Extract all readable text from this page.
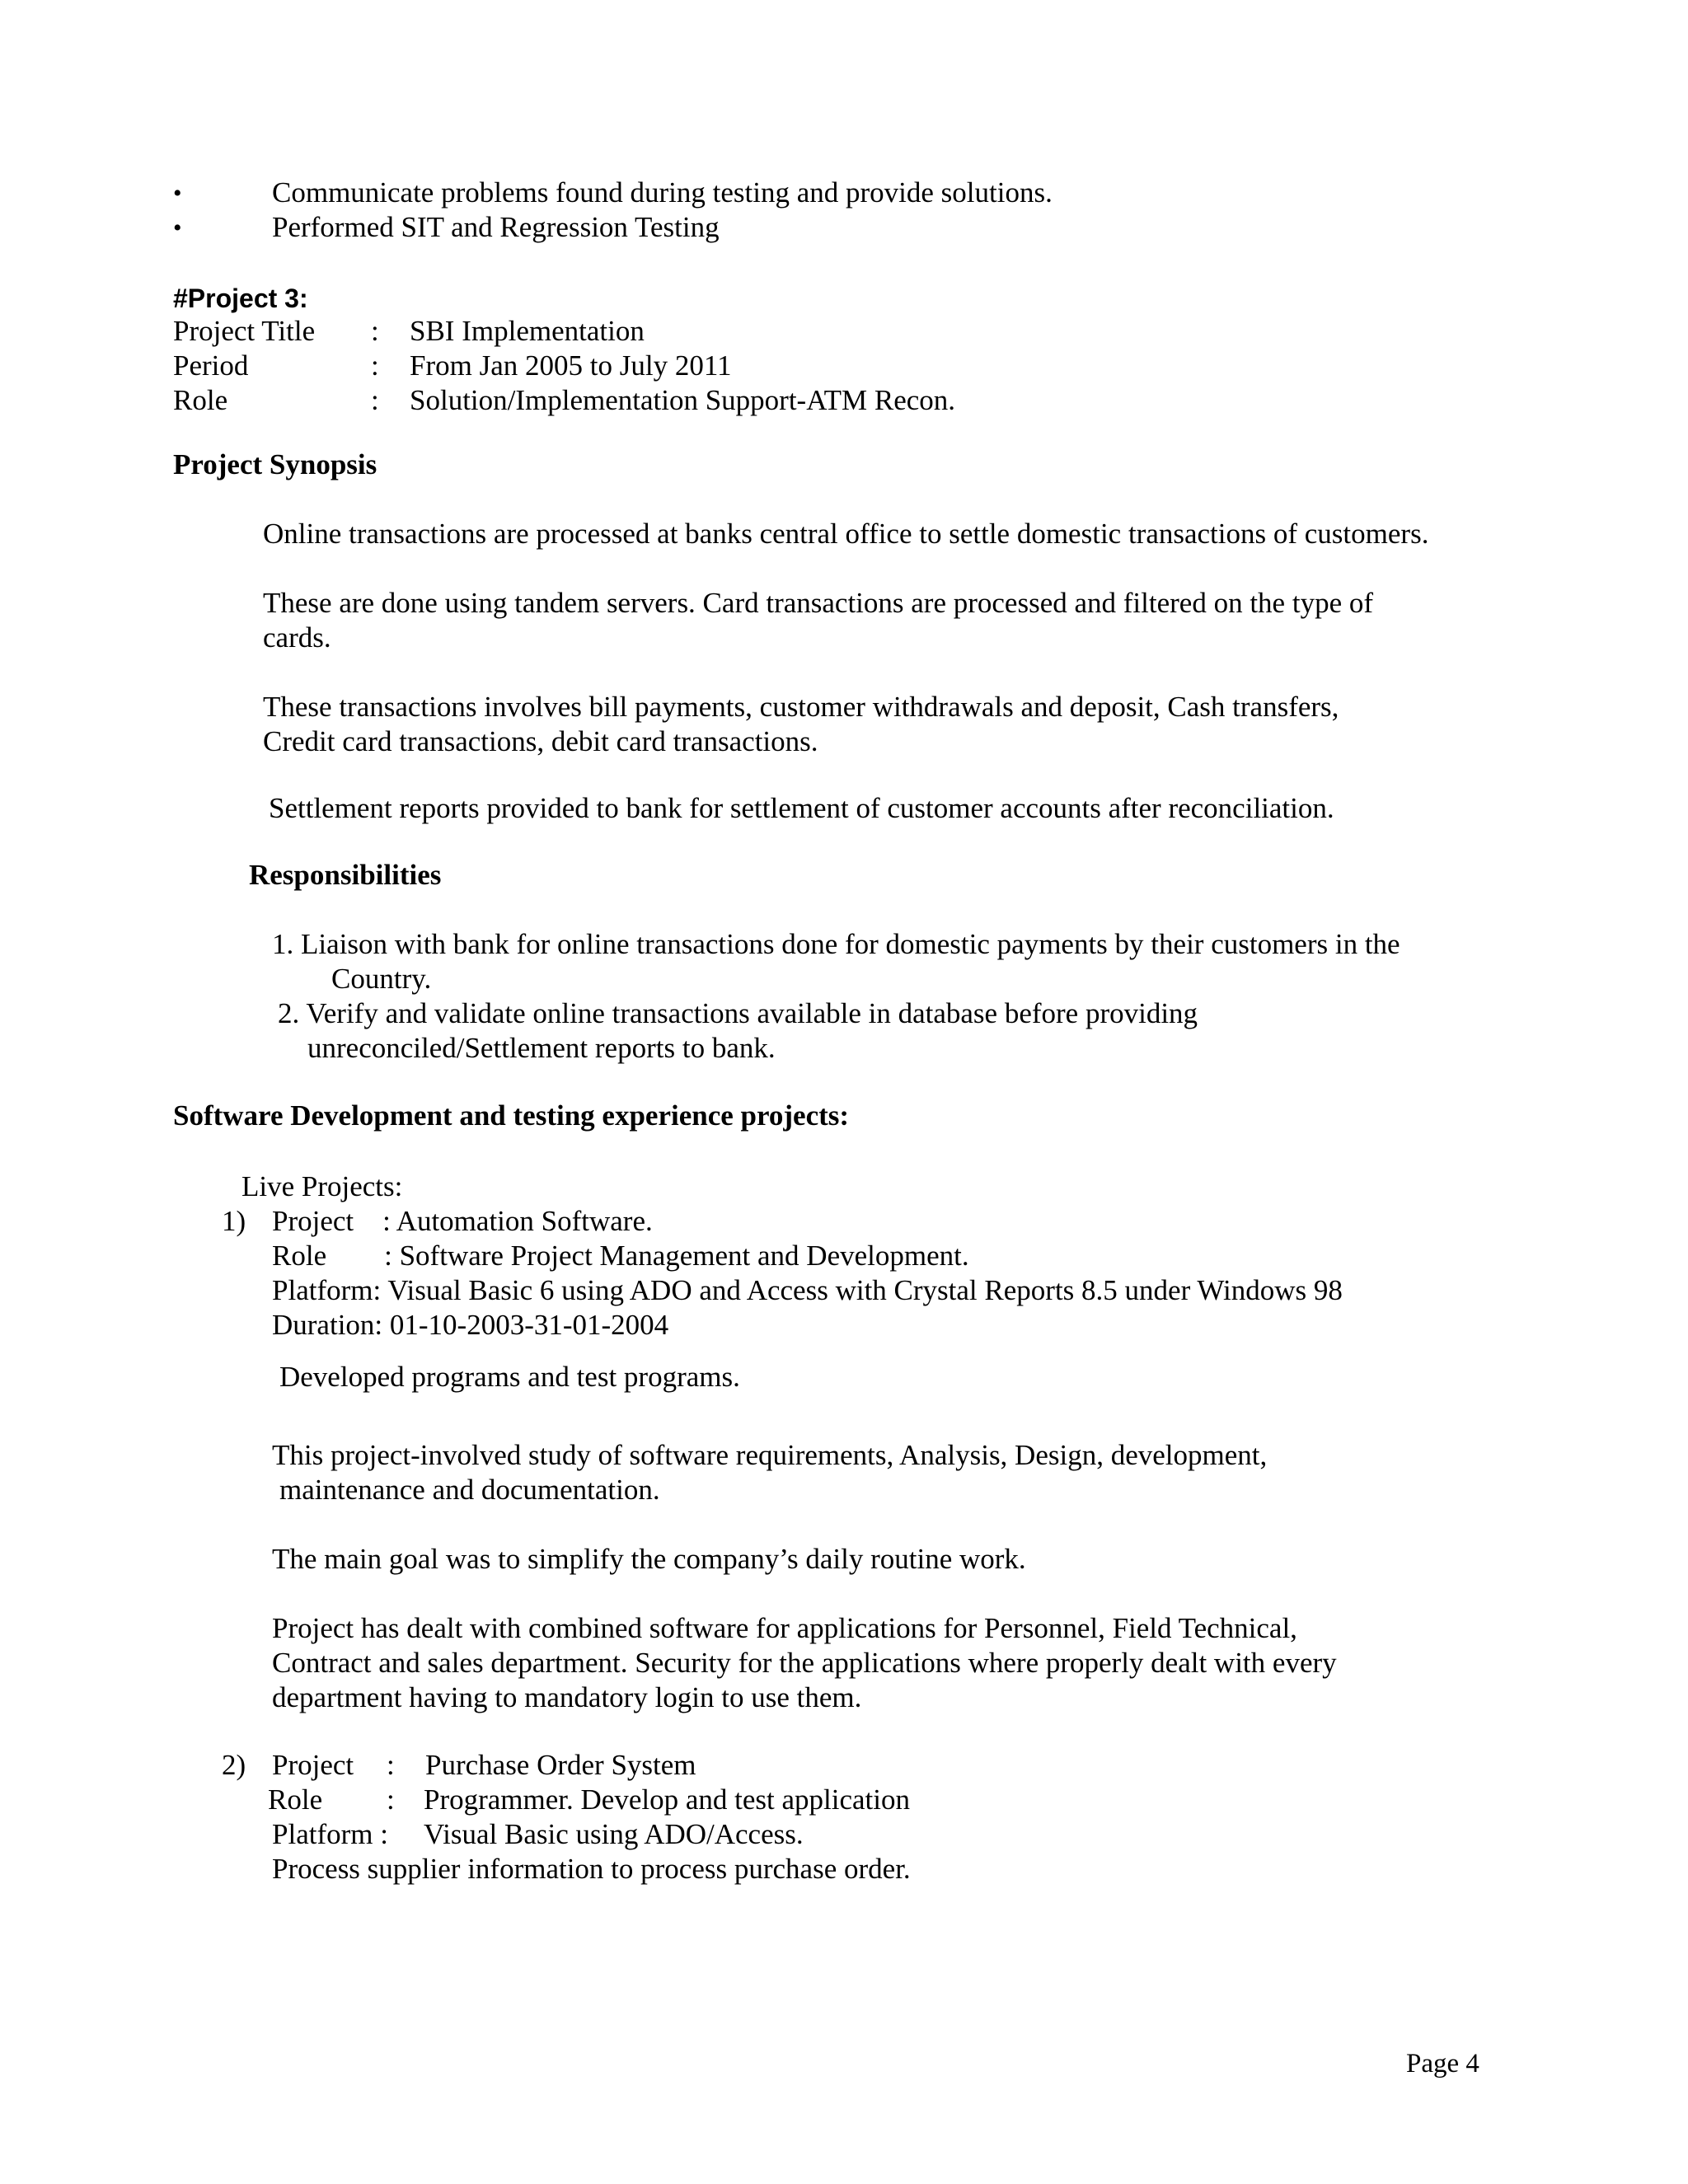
•	Communicate problems found during testing and provide solutions.
•	Performed SIT and Regression Testing
#Project 3:
Project Title : SBI Implementation
Period	: From Jan 2005 to July 2011
Role	: Solution/Implementation Support-ATM Recon.
Project Synopsis
Online transactions are processed at banks central office to settle domestic transactions of customers.
These are done using tandem servers. Card transactions are processed and filtered on the type of
cards.
These transactions involves bill payments, customer withdrawals and deposit, Cash transfers,
Credit card transactions, debit card transactions.
Settlement reports provided to bank for settlement of customer accounts after reconciliation.
Responsibilities
1. Liaison with bank for online transactions done for domestic payments by their customers in the
Country.
2. Verify and validate online transactions available in database before providing
unreconciled/Settlement reports to bank.
Software Development and testing experience projects:
Live Projects:
1) Project    : Automation Software.
Role        : Software Project Management and Development.
Platform: Visual Basic 6 using ADO and Access with Crystal Reports 8.5 under Windows 98
Duration: 01-10-2003-31-01-2004
Developed programs and test programs.
This project-involved study of software requirements, Analysis, Design, development,
maintenance and documentation.
The main goal was to simplify the company’s daily routine work.
Project has dealt with combined software for applications for Personnel, Field Technical,
Contract and sales department. Security for the applications where properly dealt with every
department having to mandatory login to use them.
2) Project : Purchase Order System
Role : Programmer. Develop and test application
Platform : Visual Basic using ADO/Access.
Process supplier information to process purchase order.
Page 4
